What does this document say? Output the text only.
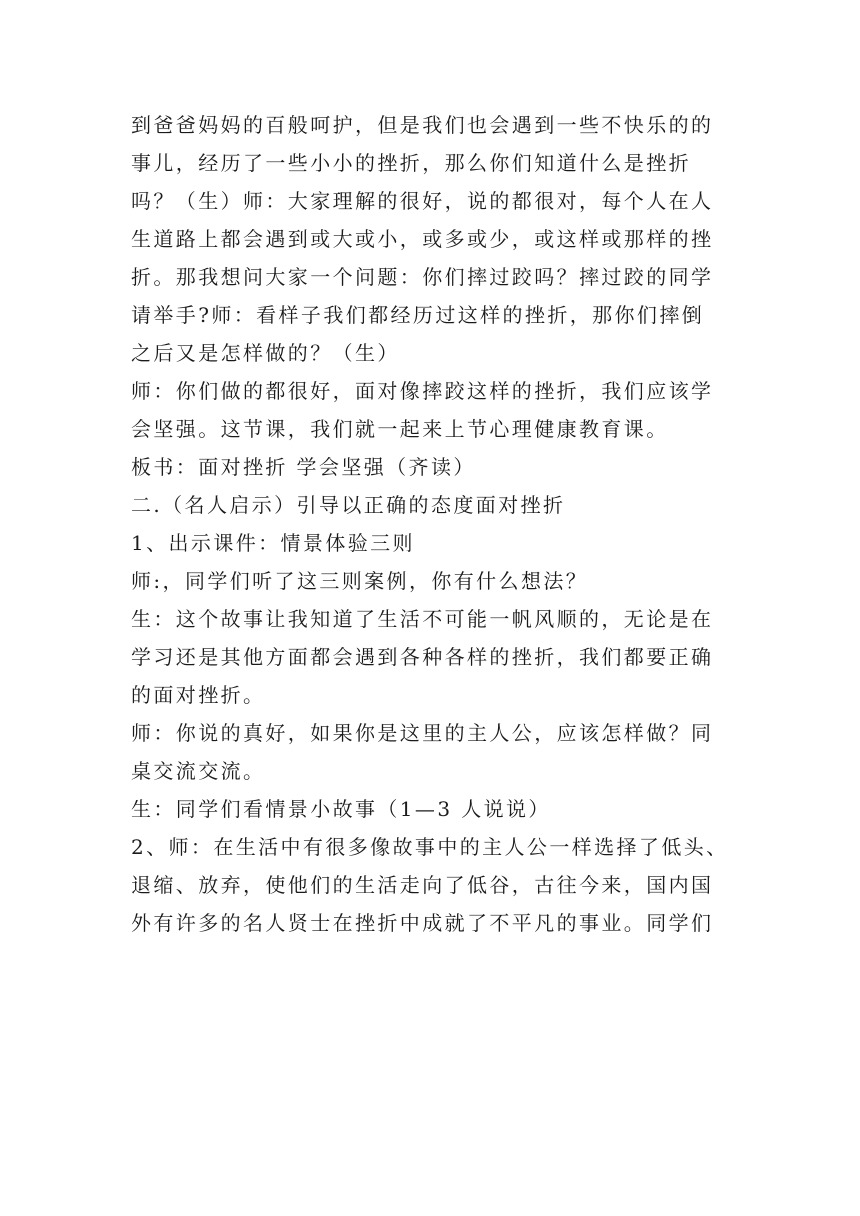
到爸爸妈妈的百般呵护，但是我们也会遇到一些不快乐的的
事儿，经历了一些小小的挫折，那么你们知道什么是挫折
吗？（生）师：大家理解的很好，说的都很对，每个人在人
生道路上都会遇到或大或小，或多或少，或这样或那样的挫
折。那我想问大家一个问题：你们摔过跤吗？摔过跤的同学
请举手?师：看样子我们都经历过这样的挫折，那你们摔倒
之后又是怎样做的？（生）
师：你们做的都很好，面对像摔跤这样的挫折，我们应该学
会坚强。这节课，我们就一起来上节心理健康教育课。
板书：面对挫折 学会坚强（齐读）
二.（名人启示）引导以正确的态度面对挫折
1、出示课件：情景体验三则
师:，同学们听了这三则案例，你有什么想法？
生：这个故事让我知道了生活不可能一帆风顺的，无论是在
学习还是其他方面都会遇到各种各样的挫折，我们都要正确
的面对挫折。
师：你说的真好，如果你是这里的主人公，应该怎样做？同
桌交流交流。
生：同学们看情景小故事（1—3 人说说）
2、师：在生活中有很多像故事中的主人公一样选择了低头、
退缩、放弃，使他们的生活走向了低谷，古往今来，国内国
外有许多的名人贤士在挫折中成就了不平凡的事业。同学们
